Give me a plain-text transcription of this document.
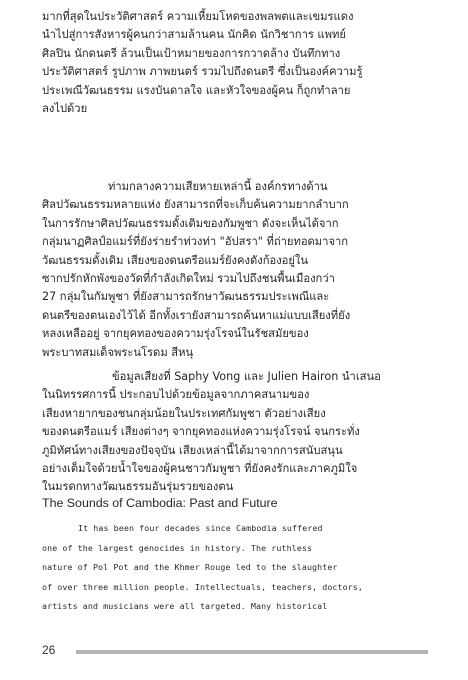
มากที่สุดในประวัติศาสตร์ ความเหี้ยมโหดของพลพตและเขมรแดง
นำไปสู่การสังหารผู้คนกว่าสามล้านคน นักคิด นักวิชาการ แพทย์
ศิลปิน นักดนตรี ล้วนเป็นเป้าหมายของการกวาดล้าง บันทึกทาง
ประวัติศาสตร์ รูปภาพ ภาพยนตร์ รวมไปถึงดนตรี ซึ่งเป็นองค์ความรู้
ประเพณีวัฒนธรรม แรงบันดาลใจ และหัวใจของผู้คน ก็ถูกทำลาย
ลงไปด้วย
ท่ามกลางความเสียหายเหล่านี้ องค์กรทางด้าน
ศิลปวัฒนธรรมหลายแห่ง ยังสามารถที่จะเก็บค้นความยากลำบาก
ในการรักษาศิลปวัฒนธรรมดั้งเดิมของกัมพูชา ดังจะเห็นได้จาก
กลุ่มนาฏศิลป์อแมร์ที่ยังร่ายรำท่วงท่า "อัปสรา" ที่ถ่ายทอดมาจาก
วัฒนธรรมดั้งเดิม เสียงของดนตรีอแมร์ยังคงดังก้องอยู่ใน
ซากปรักหักพังของวัดที่กำลังเกิดใหม่ รวมไปถึงชนพื้นเมืองกว่า
27 กลุ่มในกัมพูชา ที่ยังสามารถรักษาวัฒนธรรมประเพณีและ
ดนตรีของตนเองไว้ได้ อีกทั้งเรายังสามารถค้นหาแม่แบบเสียงที่ยัง
หลงเหลืออยู่ จากยุคทองของความรุ่งโรจน์ในรัชสมัยของ
พระบาทสมเด็จพระนโรดม สีหนุ
ข้อมูลเสียงที่ Saphy Vong และ Julien Hairon นำเสนอ
ในนิทรรศการนี้ ประกอบไปด้วยข้อมูลจากภาคสนามของ
เสียงหายากของชนกลุ่มน้อยในประเทศกัมพูชา ตัวอย่างเสียง
ของดนตรีอแมร์ เสียงต่างๆ จากยุคทองแห่งความรุ่งโรจน์ จนกระทั่ง
ภูมิทัศน์ทางเสียงของปัจจุบัน เสียงเหล่านี้ได้มาจากการสนับสนุน
อย่างเต็มใจด้วยน้ำใจของผู้คนชาวกัมพูชา ที่ยังคงรักและภาคภูมิใจ
ในมรดกทางวัฒนธรรมอันรุ่มรวยของตน
The Sounds of Cambodia: Past and Future
It has been four decades since Cambodia suffered
one of the largest genocides in history. The ruthless
nature of Pol Pot and the Khmer Rouge led to the slaughter
of over three million people. Intellectuals, teachers, doctors,
artists and musicians were all targeted. Many historical
26
